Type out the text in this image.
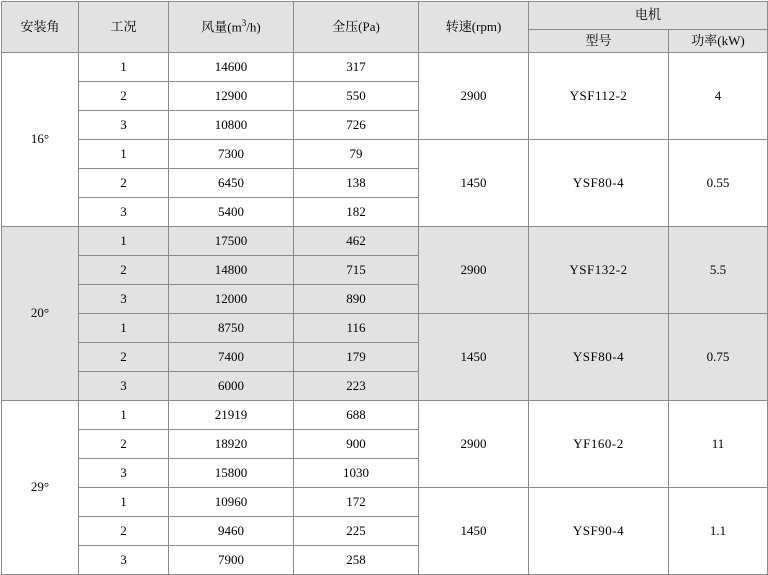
安装角	工况	风量$(m^3/h)$	全压(Pa)	转速(rpm)	电机	
					型号	功率(kW)
16°	1	14600	317	2900	YSF112-2	4
	2	12900	550			
	3	10800	726			
	1	7300	79	1450	YSF80-4	0.55
	2	6450	138			
	3	5400	182			
20°	1	17500	462	2900	YSF132-2	5.5
	2	14800	715			
	3	12000	890			
	1	8750	116	1450	YSF80-4	0.75
	2	7400	179			
	3	6000	223			
29°	1	21919	688	2900	YF160-2	11
	2	18920	900			
	3	15800	1030			
	1	10960	172	1450	YSF90-4	1.1
	2	9460	225			
	3	7900	258			
